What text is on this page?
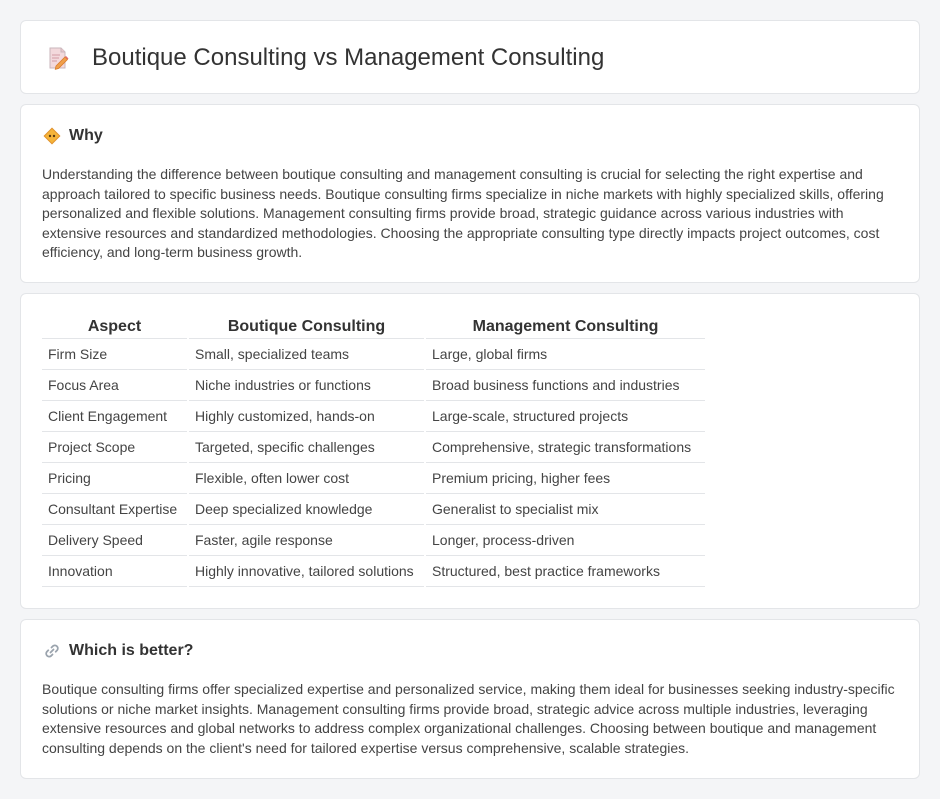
Boutique Consulting vs Management Consulting
Why

Understanding the difference between boutique consulting and management consulting is crucial for selecting the right expertise and approach tailored to specific business needs. Boutique consulting firms specialize in niche markets with highly specialized skills, offering personalized and flexible solutions. Management consulting firms provide broad, strategic guidance across various industries with extensive resources and standardized methodologies. Choosing the appropriate consulting type directly impacts project outcomes, cost efficiency, and long-term business growth.

Aspect	Boutique Consulting	Management Consulting
Firm Size	Small, specialized teams	Large, global firms
Focus Area	Niche industries or functions	Broad business functions and industries
Client Engagement	Highly customized, hands-on	Large-scale, structured projects
Project Scope	Targeted, specific challenges	Comprehensive, strategic transformations
Pricing	Flexible, often lower cost	Premium pricing, higher fees
Consultant Expertise	Deep specialized knowledge	Generalist to specialist mix
Delivery Speed	Faster, agile response	Longer, process-driven
Innovation	Highly innovative, tailored solutions	Structured, best practice frameworks
Which is better?

Boutique consulting firms offer specialized expertise and personalized service, making them ideal for businesses seeking industry-specific solutions or niche market insights. Management consulting firms provide broad, strategic advice across multiple industries, leveraging extensive resources and global networks to address complex organizational challenges. Choosing between boutique and management consulting depends on the client's need for tailored expertise versus comprehensive, scalable strategies.
